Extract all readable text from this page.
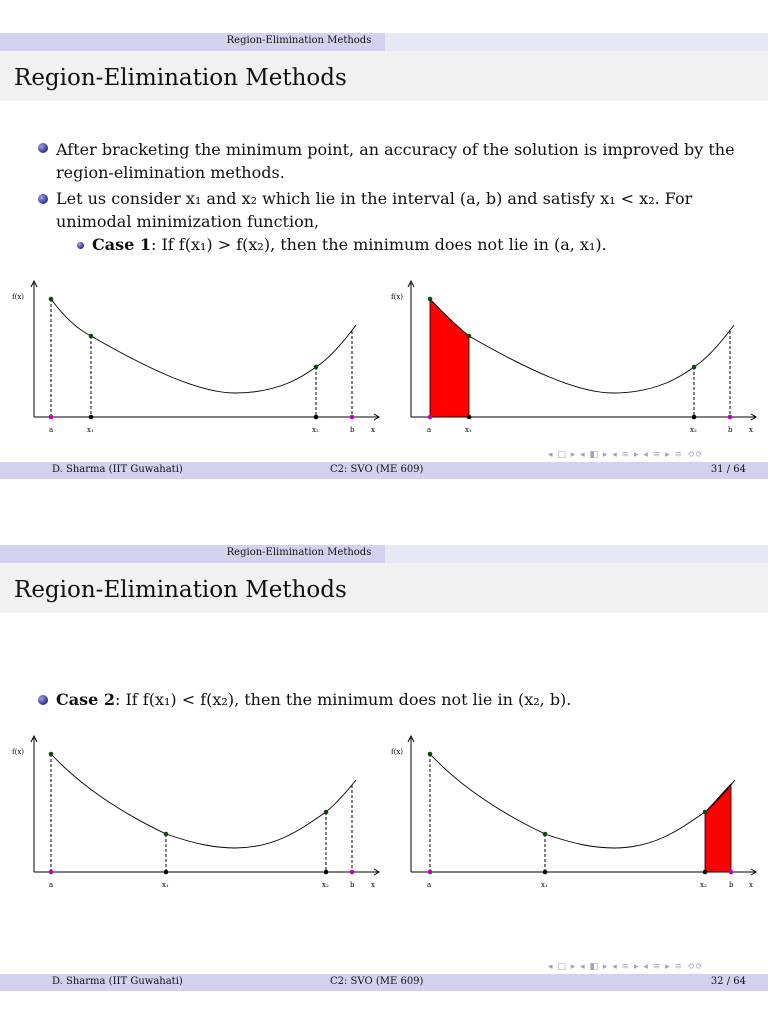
Region-Elimination Methods
Region-Elimination Methods
After bracketing the minimum point, an accuracy of the solution is improved by the region-elimination methods.
Let us consider x₁ and x₂ which lie in the interval (a, b) and satisfy x₁ < x₂. For unimodal minimization function,
Case 1: If f(x₁) > f(x₂), then the minimum does not lie in (a, x₁).
f(x)
a	x₁	x₂	b x
f(x)
a	x₁	x₂	b x
◂ □ ▸ ◂ ◧ ▸ ◂ ≡ ▸ ◂ ≡ ▸ ≡ ⟲⟳
D. Sharma (IIT Guwahati)	C2: SVO (ME 609)	31 / 64
Region-Elimination Methods
Region-Elimination Methods
Case 2: If f(x₁) < f(x₂), then the minimum does not lie in (x₂, b).
f(x)
a	x₁	x₂	b x
f(x)
a	x₁	x₂	b x
◂ □ ▸ ◂ ◧ ▸ ◂ ≡ ▸ ◂ ≡ ▸ ≡ ⟲⟳
D. Sharma (IIT Guwahati)	C2: SVO (ME 609)	32 / 64
